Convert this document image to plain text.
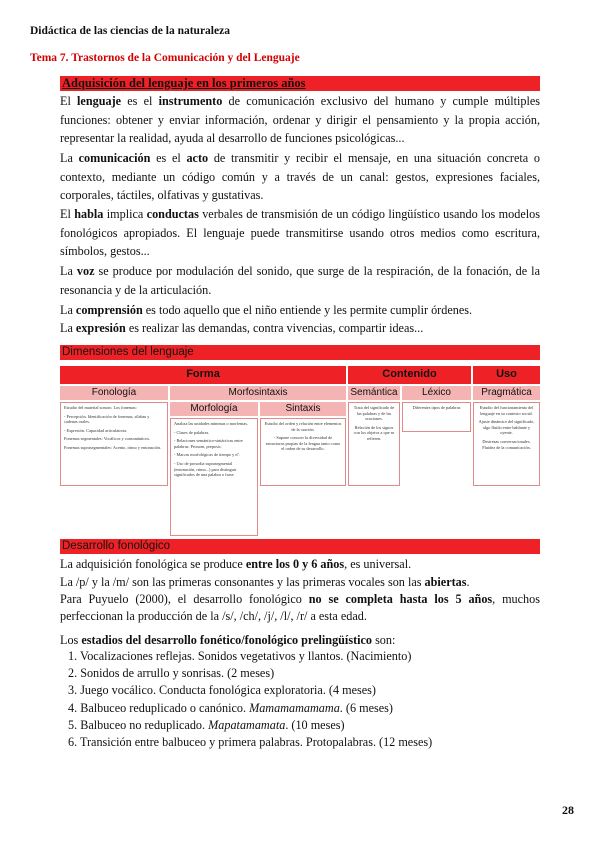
Didáctica de las ciencias de la naturaleza
Tema 7. Trastornos de la Comunicación y del Lenguaje
Adquisición del lenguaje en los primeros años
El lenguaje es el instrumento de comunicación exclusivo del humano y cumple múltiples funciones: obtener y enviar información, ordenar y dirigir el pensamiento y la propia acción, representar la realidad, ayuda al desarrollo de funciones psicológicas...
La comunicación es el acto de transmitir y recibir el mensaje, en una situación concreta o contexto, mediante un código común y a través de un canal: gestos, expresiones faciales, corporales, táctiles, olfativas y gustativas.
El habla implica conductas verbales de transmisión de un código lingüístico usando los modelos fonológicos apropiados. El lenguaje puede transmitirse usando otros medios como escritura, símbolos, gestos...
La voz se produce por modulación del sonido, que surge de la respiración, de la fonación, de la resonancia y de la articulación.
La comprensión es todo aquello que el niño entiende y les permite cumplir órdenes.
La expresión es realizar las demandas, contra vivencias, compartir ideas...
Dimensiones del lenguaje
Forma	Contenido	Uso
Fonología	Morfosintaxis	Semántica	Léxico	Pragmática
Morfología	Sintaxis

Estudio del material sonoro. Los fonemas:

- Percepción. Identificación de fonemas, sílabas y cadenas orales.

- Expresión. Capacidad articulatoria.

Fonemas segmentales: Vocálicos y consonánticos.

Fonemas suprasegmentales: Acento, ritmo y entonación.

Analiza las unidades mínimas o morfemas.

- Clases de palabras.

- Relaciones semántico-sintácticas entre palabras: Pronom, preposic.

- Marcas morfológicas de tiempo y nº.

- Uso de prosodia suprasegmental (entonación, ritmo...) para distinguir significados de una palabra o frase.

Estudio del orden y relación entre elementos de la oración.

- Supone conocer la diversidad de estructuras propias de la lengua tanto como el orden de su desarrollo.

Trata del significado de las palabras y de las oraciones.

Relación de los signos con los objetos a que se refieren.

Diferentes tipos de palabras	Estudio del funcionamiento del lenguaje en su contexto social.

Ajuste dinámico del significado, algo fluido entre hablante y oyente.

Destrezas conversacionales. Fluidez de la comunicación.

Desarrollo fonológico
La adquisición fonológica se produce entre los 0 y 6 años, es universal.
La /p/ y la /m/ son las primeras consonantes y las primeras vocales son las abiertas.
Para Puyuelo (2000), el desarrollo fonológico no se completa hasta los 5 años, muchos perfeccionan la producción de la /s/, /ch/, /j/, /l/, /r/ a esta edad.
Los estadios del desarrollo fonético/fonológico prelingüístico son:
1. Vocalizaciones reflejas. Sonidos vegetativos y llantos. (Nacimiento)
2. Sonidos de arrullo y sonrisas. (2 meses)
3. Juego vocálico. Conducta fonológica exploratoria. (4 meses)
4. Balbuceo reduplicado o canónico. Mamamamamama. (6 meses)
5. Balbuceo no reduplicado. Mapatamamata. (10 meses)
6. Transición entre balbuceo y primera palabras. Protopalabras. (12 meses)
28
